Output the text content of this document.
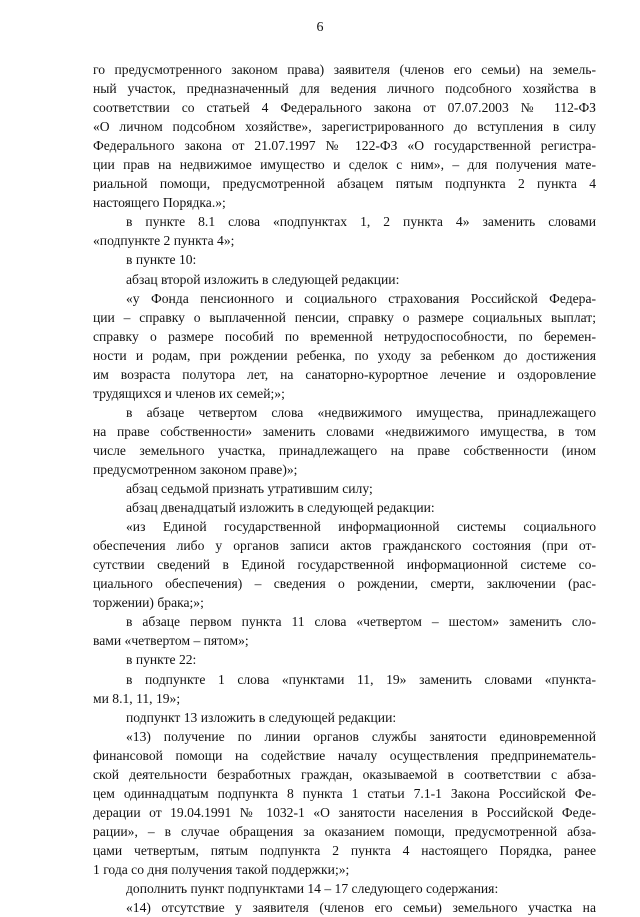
6
го предусмотренного законом права) заявителя (членов его семьи) на земель-
ный участок, предназначенный для ведения личного подсобного хозяйства в
соответствии со статьей 4 Федерального закона от 07.07.2003 № 112-ФЗ
«О личном подсобном хозяйстве», зарегистрированного до вступления в силу
Федерального закона от 21.07.1997 № 122-ФЗ «О государственной регистра-
ции прав на недвижимое имущество и сделок с ним», – для получения мате-
риальной помощи, предусмотренной абзацем пятым подпункта 2 пункта 4
настоящего Порядка.»;
в пункте 8.1 слова «подпунктах 1, 2 пункта 4» заменить словами
«подпункте 2 пункта 4»;
в пункте 10:
абзац второй изложить в следующей редакции:
«у Фонда пенсионного и социального страхования Российской Федера-
ции – справку о выплаченной пенсии, справку о размере социальных выплат;
справку о размере пособий по временной нетрудоспособности, по беремен-
ности и родам, при рождении ребенка, по уходу за ребенком до достижения
им возраста полутора лет, на санаторно-курортное лечение и оздоровление
трудящихся и членов их семей;»;
в абзаце четвертом слова «недвижимого имущества, принадлежащего
на праве собственности» заменить словами «недвижимого имущества, в том
числе земельного участка, принадлежащего на праве собственности (ином
предусмотренном законом праве)»;
абзац седьмой признать утратившим силу;
абзац двенадцатый изложить в следующей редакции:
«из Единой государственной информационной системы социального
обеспечения либо у органов записи актов гражданского состояния (при от-
сутствии сведений в Единой государственной информационной системе со-
циального обеспечения) – сведения о рождении, смерти, заключении (рас-
торжении) брака;»;
в абзаце первом пункта 11 слова «четвертом – шестом» заменить сло-
вами «четвертом – пятом»;
в пункте 22:
в подпункте 1 слова «пунктами 11, 19» заменить словами «пункта-
ми 8.1, 11, 19»;
подпункт 13 изложить в следующей редакции:
«13) получение по линии органов службы занятости единовременной
финансовой помощи на содействие началу осуществления предпринематель-
ской деятельности безработных граждан, оказываемой в соответствии с абза-
цем одиннадцатым подпункта 8 пункта 1 статьи 7.1-1 Закона Российской Фе-
дерации от 19.04.1991 № 1032-1 «О занятости населения в Российской Феде-
рации», – в случае обращения за оказанием помощи, предусмотренной абза-
цами четвертым, пятым подпункта 2 пункта 4 настоящего Порядка, ранее
1 года со дня получения такой поддержки;»;
дополнить пункт подпунктами 14 – 17 следующего содержания:
«14) отсутствие у заявителя (членов его семьи) земельного участка на
